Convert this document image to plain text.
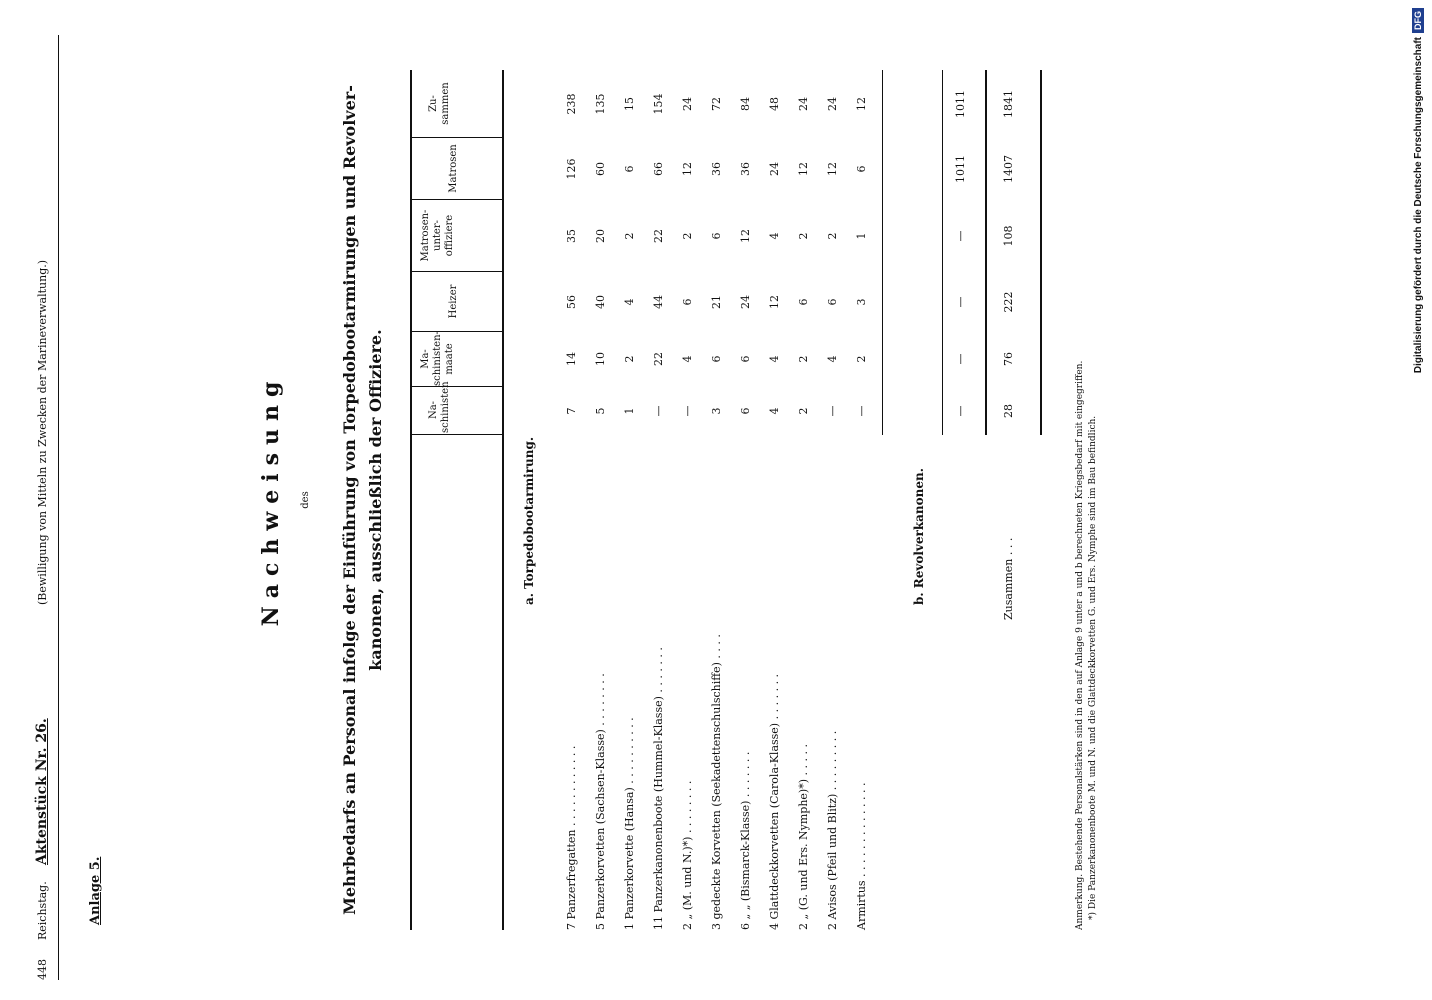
448
Reichstag.
Aktenstück Nr. 26.
(Bewilligung von Mitteln zu Zwecken der Marineverwaltung.)
Anlage 5.
Nachweisung des Mehrbedarfs an Personal infolge der Einführung von Torpedobootarmirungen und Revolver- kanonen, ausschließlich der Offiziere.	Na-
schinisten
Ma-
schinisten-
maate
Heizer
Matrosen-
unter-
offiziere
Matrosen
Zu-
sammen
a. Torpedobootarmirung.
7 Panzerfregatten . . . . . . . . . . . .
7
14
56
35
126
238
5 Panzerkorvetten (Sachsen-Klasse) . . . . . . . .
5
10
40
20
60
135
1 Panzerkorvette (Hansa) . . . . . . . . . .
1
2
4
2
6
15
11 Panzerkanonenboote (Hummel-Klasse) . . . . . . .
—
22
44
22
66
154
2 „ (M. und N.)*) . . . . . . . .
—
4
6
2
12
24
3 gedeckte Korvetten (Seekadettenschulschiffe) . . . .
3
6
21
6
36
72
6 „ „ (Bismarck-Klasse) . . . . . . .
6
6
24
12
36
84
4 Glattdeckkorvetten (Carola-Klasse) . . . . . . .
4
4
12
4
24
48
2 „ (G. und Ers. Nymphe)*) . . . . .
2
2
6
2
12
24
2 Avisos (Pfeil und Blitz) . . . . . . . . .
—
4
6
2
12
24
Armirtus . . . . . . . . . . . . . .
—
2
3
1
6
12
b. Revolverkanonen.
—
—
—
—
1011
1011
Zusammen . . .
28
76
222
108
1407
1841
Anmerkung. Bestehende Personalstärken sind in den auf Anlage 9 unter a und b berechneten Kriegsbedarf mit eingegriffen. *) Die Panzerkanonenboote M. und N. und die Glattdeckkorvetten G. und Ers. Nymphe sind im Bau befindlich.
Digitalisierung gefördert durch die Deutsche Forschungsgemeinschaft
DFG
